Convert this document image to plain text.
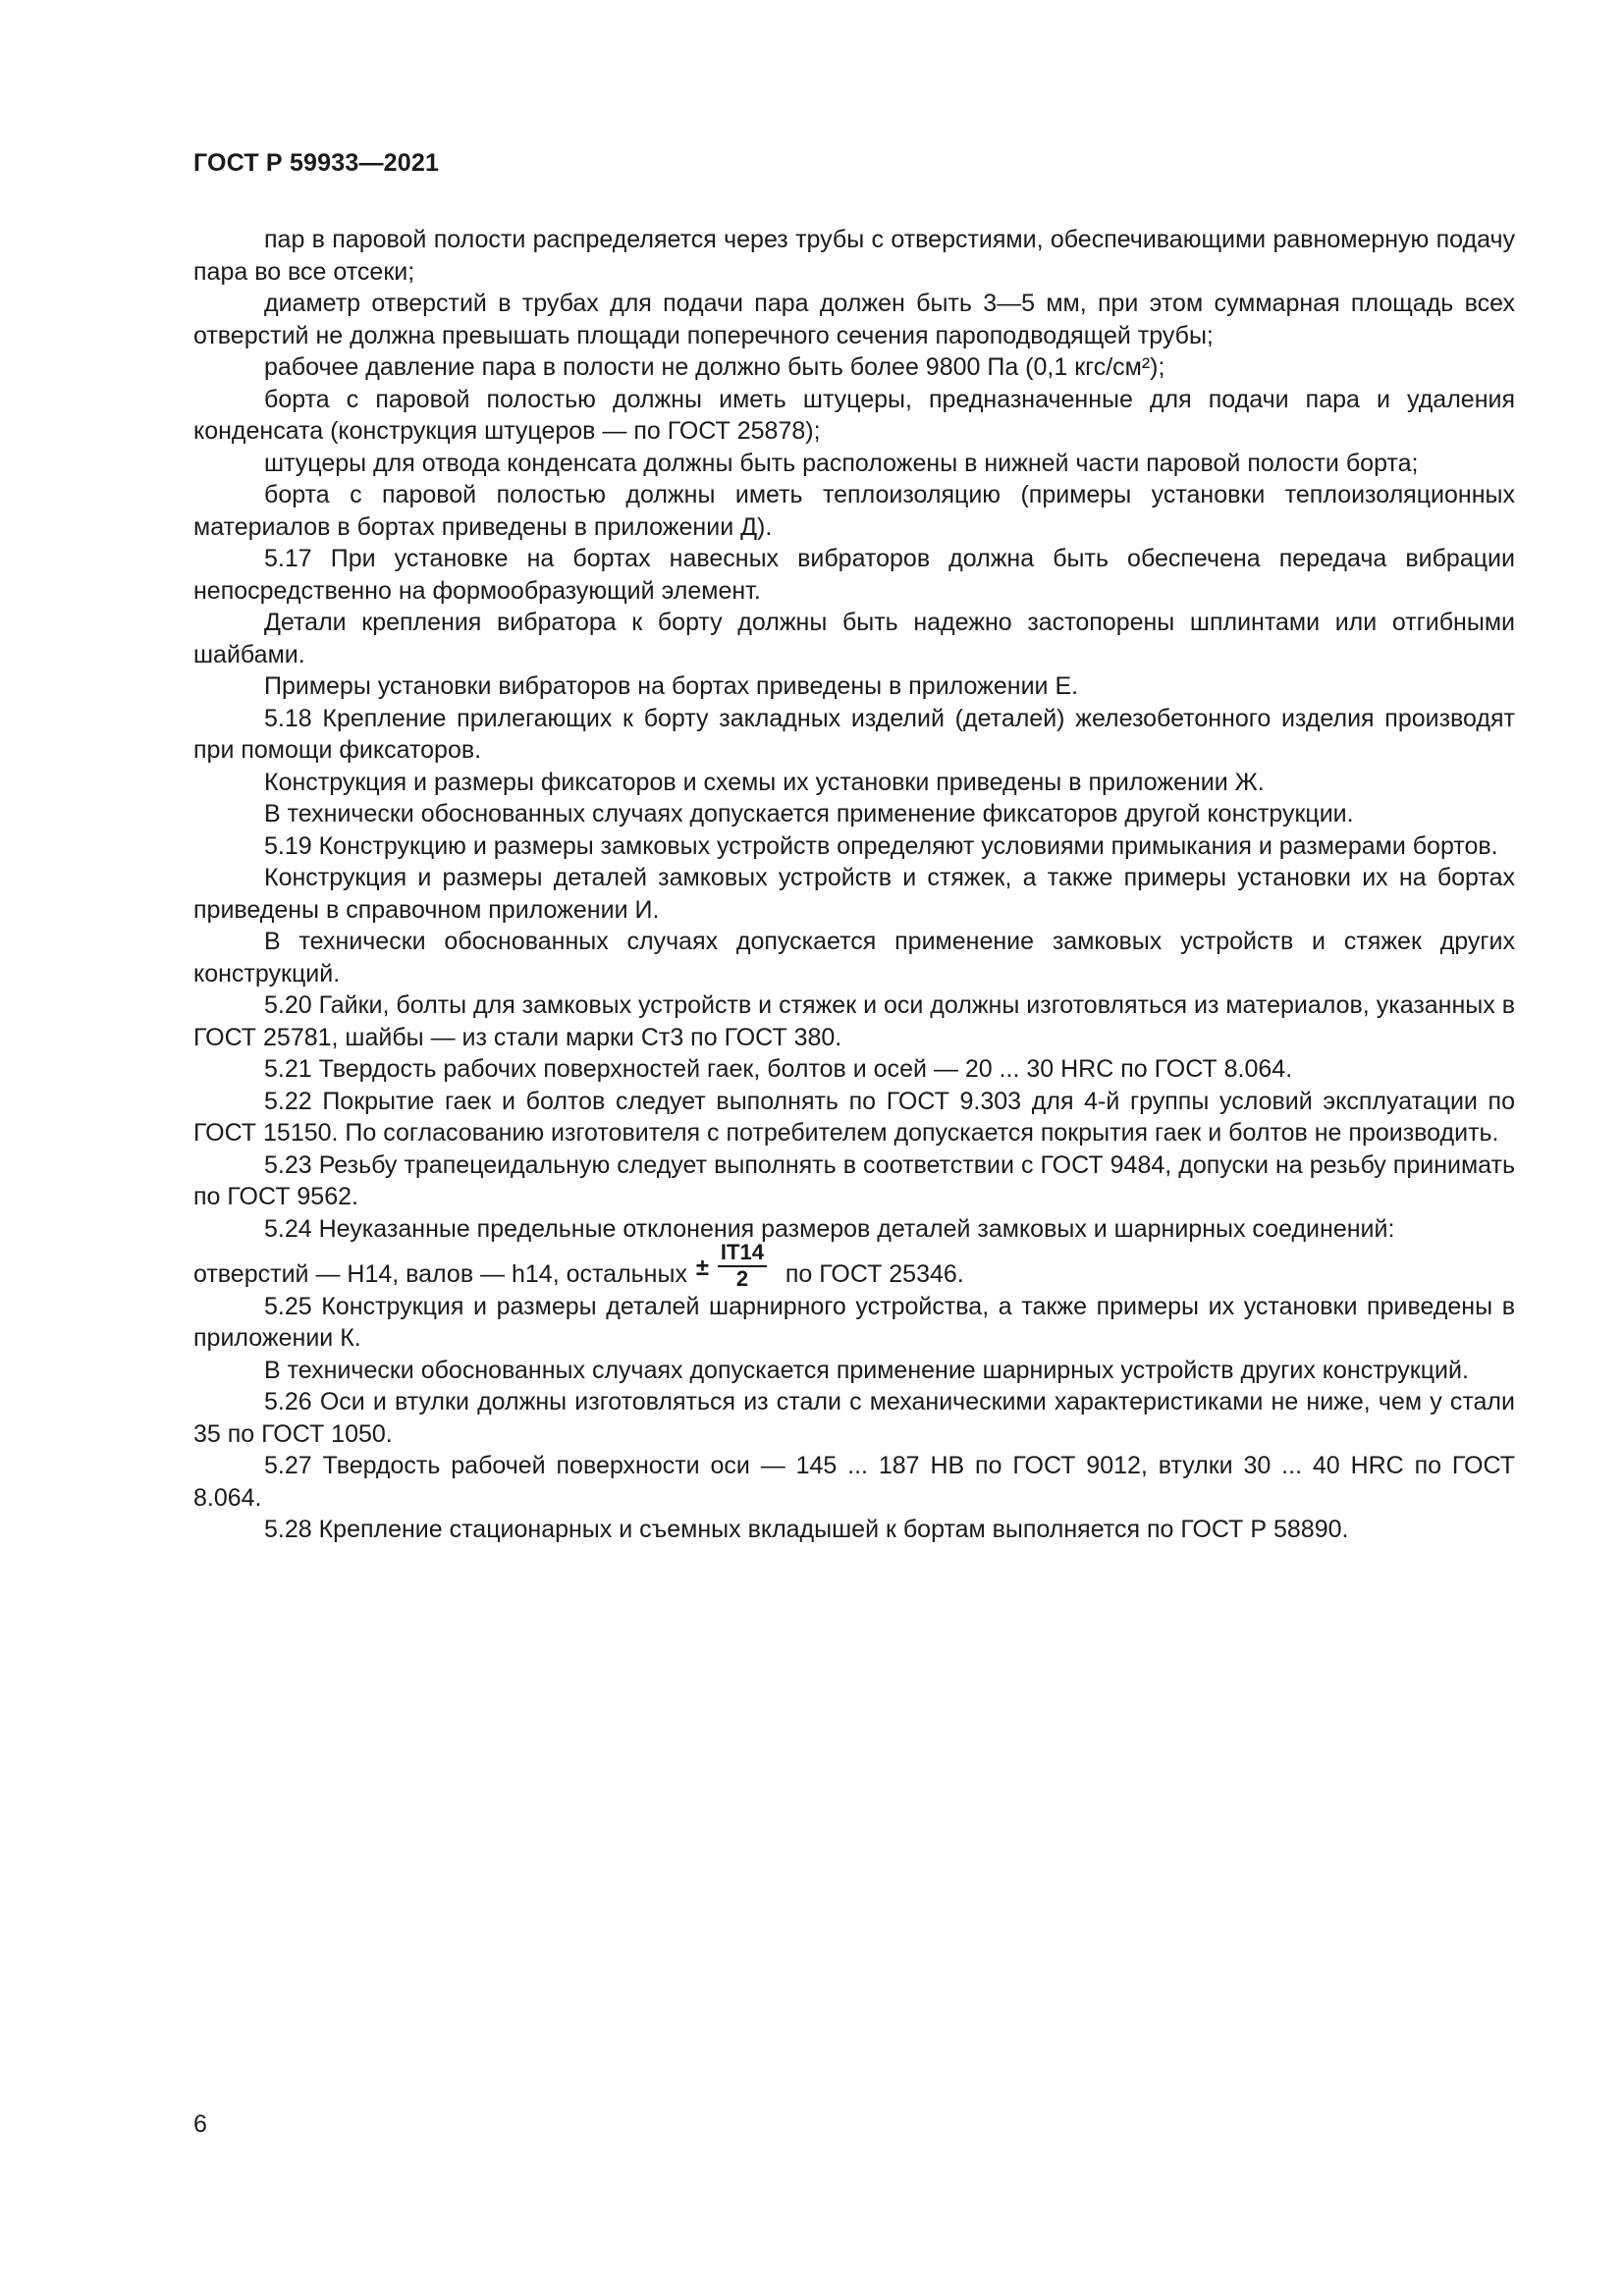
ГОСТ Р 59933—2021

пар в паровой полости распределяется через трубы с отверстиями, обеспечивающими равномерную подачу пара во все отсеки;

диаметр отверстий в трубах для подачи пара должен быть 3—5 мм, при этом суммарная площадь всех отверстий не должна превышать площади поперечного сечения пароподводящей трубы;

рабочее давление пара в полости не должно быть более 9800 Па (0,1 кгс/см²);

борта с паровой полостью должны иметь штуцеры, предназначенные для подачи пара и удаления конденсата (конструкция штуцеров — по ГОСТ 25878);

штуцеры для отвода конденсата должны быть расположены в нижней части паровой полости борта;

борта с паровой полостью должны иметь теплоизоляцию (примеры установки теплоизоляционных материалов в бортах приведены в приложении Д).

5.17 При установке на бортах навесных вибраторов должна быть обеспечена передача вибрации непосредственно на формообразующий элемент.

Детали крепления вибратора к борту должны быть надежно застопорены шплинтами или отгибными шайбами.

Примеры установки вибраторов на бортах приведены в приложении Е.

5.18 Крепление прилегающих к борту закладных изделий (деталей) железобетонного изделия производят при помощи фиксаторов.

Конструкция и размеры фиксаторов и схемы их установки приведены в приложении Ж.

В технически обоснованных случаях допускается применение фиксаторов другой конструкции.

5.19 Конструкцию и размеры замковых устройств определяют условиями примыкания и размерами бортов.

Конструкция и размеры деталей замковых устройств и стяжек, а также примеры установки их на бортах приведены в справочном приложении И.

В технически обоснованных случаях допускается применение замковых устройств и стяжек других конструкций.

5.20 Гайки, болты для замковых устройств и стяжек и оси должны изготовляться из материалов, указанных в ГОСТ 25781, шайбы — из стали марки Ст3 по ГОСТ 380.

5.21 Твердость рабочих поверхностей гаек, болтов и осей — 20 ... 30 HRC по ГОСТ 8.064.

5.22 Покрытие гаек и болтов следует выполнять по ГОСТ 9.303 для 4-й группы условий эксплуатации по ГОСТ 15150. По согласованию изготовителя с потребителем допускается покрытия гаек и болтов не производить.

5.23 Резьбу трапецеидальную следует выполнять в соответствии с ГОСТ 9484, допуски на резьбу принимать по ГОСТ 9562.

5.24 Неуказанные предельные отклонения размеров деталей замковых и шарнирных соединений:

отверстий — H14, валов — h14, остальных ± $\frac{IT14}{2}$ по ГОСТ 25346.

5.25 Конструкция и размеры деталей шарнирного устройства, а также примеры их установки приведены в приложении К.

В технически обоснованных случаях допускается применение шарнирных устройств других конструкций.

5.26 Оси и втулки должны изготовляться из стали с механическими характеристиками не ниже, чем у стали 35 по ГОСТ 1050.

5.27 Твердость рабочей поверхности оси — 145 ... 187 HB по ГОСТ 9012, втулки 30 ... 40 HRC по ГОСТ 8.064.

5.28 Крепление стационарных и съемных вкладышей к бортам выполняется по ГОСТ Р 58890.

6
